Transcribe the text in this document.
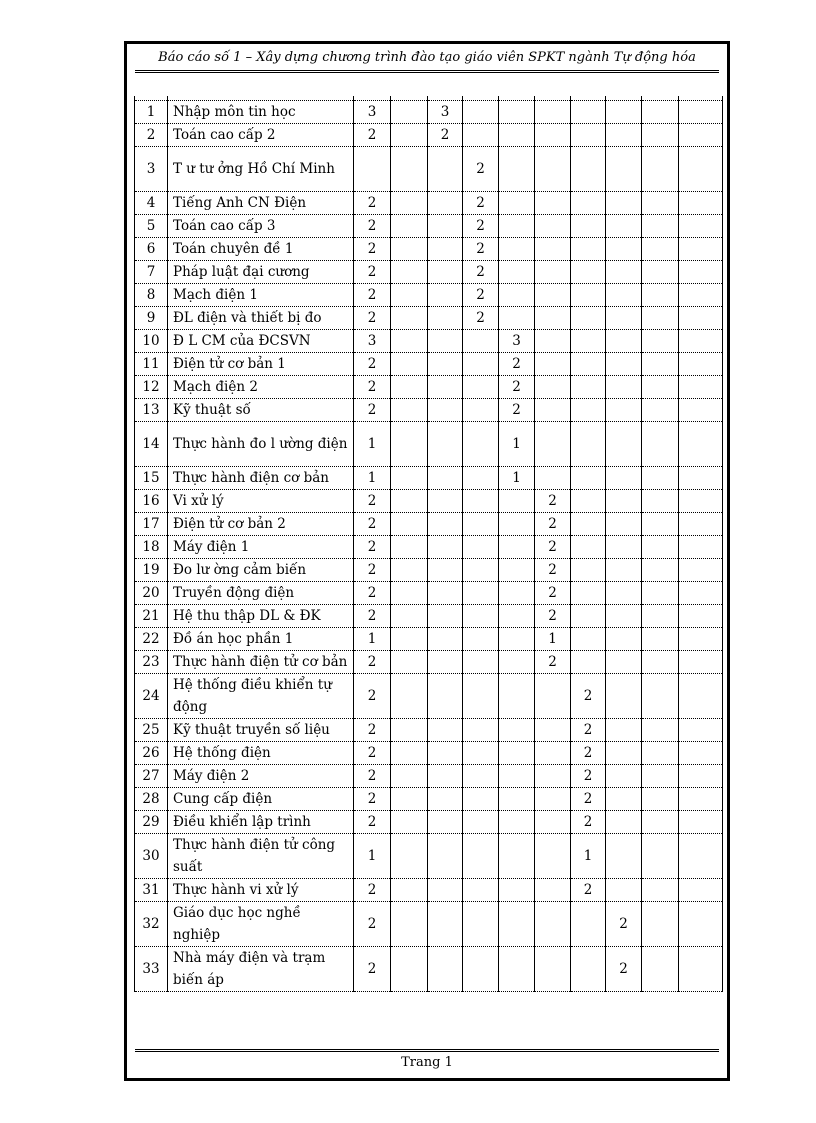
Báo cáo số 1 – Xây dựng chương trình đào tạo giáo viên SPKT ngành Tự động hóa

1	Nhập môn tin học	3		3							
2	Toán cao cấp 2	2		2							
3	T ư tư ởng Hồ Chí Minh				2						
4	Tiếng Anh CN Điện	2			2						
5	Toán cao cấp 3	2			2						
6	Toán chuyên đề 1	2			2						
7	Pháp luật đại cương	2			2						
8	Mạch điện 1	2			2						
9	ĐL điện và thiết bị đo	2			2						
10	Đ L CM của ĐCSVN	3				3					
11	Điện tử cơ bản 1	2				2					
12	Mạch điện 2	2				2					
13	Kỹ thuật số	2				2					
14	Thực hành đo l ường điện	1				1					
15	Thực hành điện cơ bản	1				1					
16	Vi xử lý	2					2				
17	Điện tử cơ bản 2	2					2				
18	Máy điện 1	2					2				
19	Đo lư ờng cảm biến	2					2				
20	Truyền động điện	2					2				
21	Hệ thu thập DL & ĐK	2					2				
22	Đồ án học phần 1	1					1				
23	Thực hành điện tử cơ bản	2					2				
24	Hệ thống điều khiển tự động	2						2			
25	Kỹ thuật truyền số liệu	2						2			
26	Hệ thống điện	2						2			
27	Máy điện 2	2						2			
28	Cung cấp điện	2						2			
29	Điều khiển lập trình	2						2			
30	Thực hành điện tử công suất	1						1			
31	Thực hành vi xử lý	2						2			
32	Giáo dục học nghề nghiệp	2							2		
33	Nhà máy điện và trạm biến áp	2							2		
Trang 1
